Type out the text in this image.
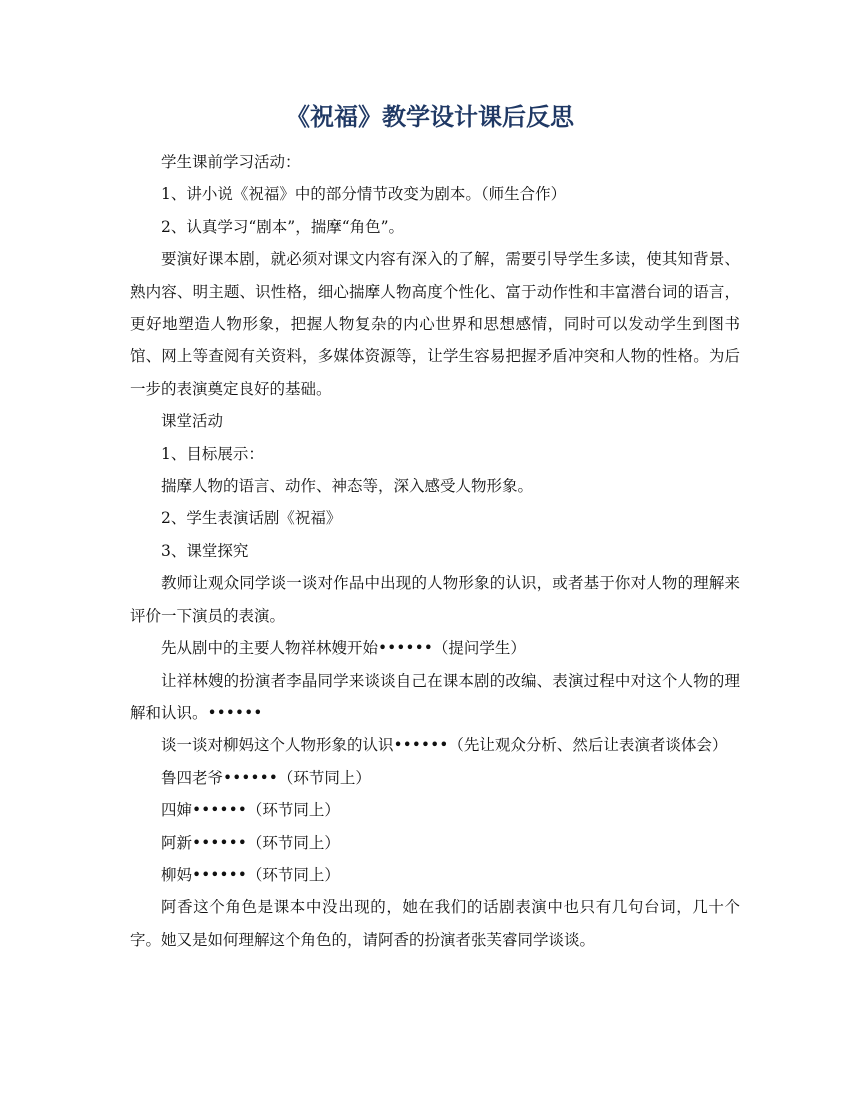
《祝福》教学设计课后反思

学生课前学习活动：

1、讲小说《祝福》中的部分情节改变为剧本。（师生合作）

2、认真学习“剧本”，揣摩“角色”。

要演好课本剧，就必须对课文内容有深入的了解，需要引导学生多读，使其知背景、熟内容、明主题、识性格，细心揣摩人物高度个性化、富于动作性和丰富潜台词的语言，更好地塑造人物形象，把握人物复杂的内心世界和思想感情，同时可以发动学生到图书馆、网上等查阅有关资料，多媒体资源等，让学生容易把握矛盾冲突和人物的性格。为后一步的表演奠定良好的基础。

课堂活动

1、目标展示：

揣摩人物的语言、动作、神态等，深入感受人物形象。

2、学生表演话剧《祝福》

3、课堂探究

教师让观众同学谈一谈对作品中出现的人物形象的认识，或者基于你对人物的理解来评价一下演员的表演。

先从剧中的主要人物祥林嫂开始••••••（提问学生）

让祥林嫂的扮演者李晶同学来谈谈自己在课本剧的改编、表演过程中对这个人物的理解和认识。••••••

谈一谈对柳妈这个人物形象的认识••••••（先让观众分析、然后让表演者谈体会）

鲁四老爷••••••（环节同上）

四婶••••••（环节同上）

阿新••••••（环节同上）

柳妈••••••（环节同上）

阿香这个角色是课本中没出现的，她在我们的话剧表演中也只有几句台词，几十个字。她又是如何理解这个角色的，请阿香的扮演者张芙睿同学谈谈。
